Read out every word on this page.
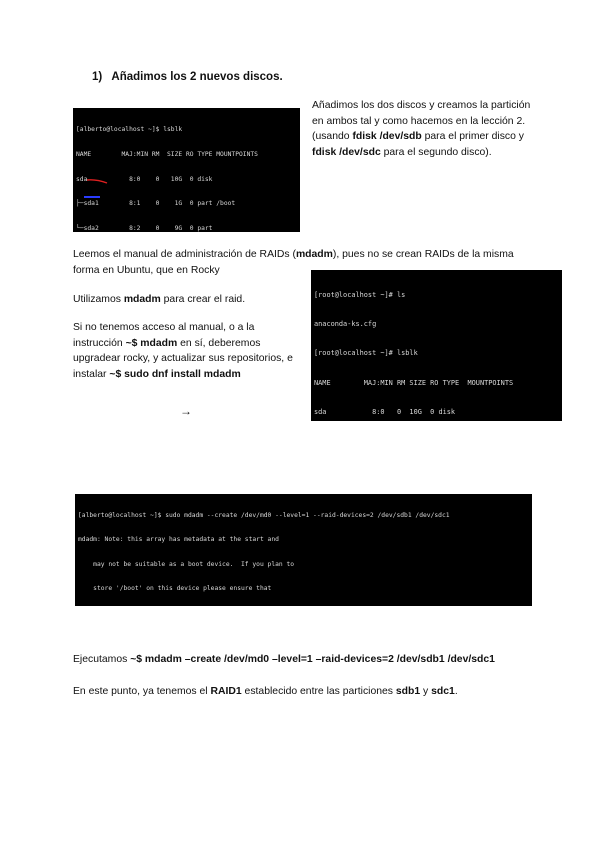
1) Añadimos los 2 nuevos discos.

[alberto@localhost ~]$ lsblk

NAME        MAJ:MIN RM  SIZE RO TYPE MOUNTPOINTS

sda           8:0    0   10G  0 disk

├─sda1        8:1    0    1G  0 part /boot

└─sda2        8:2    0    9G  0 part

Añadimos los dos discos y creamos la partición en ambos tal y como hacemos en la lección 2. (usando fdisk /dev/sdb para el primer disco y fdisk /dev/sdc para el segundo disco).
Leemos el manual de administración de RAIDs (mdadm), pues no se crean RAIDs de la misma forma en Ubuntu, que en Rocky
Utilizamos mdadm para crear el raid.
Si no tenemos acceso al manual, o a la instrucción ~$ mdadm en sí, deberemos upgradear rocky, y actualizar sus repositorios, e instalar ~$ sudo dnf install mdadm
→

[root@localhost ~]# ls

anaconda-ks.cfg

[root@localhost ~]# lsblk

NAME        MAJ:MIN RM SIZE RO TYPE  MOUNTPOINTS

sda           8:0   0  10G  0 disk

[alberto@localhost ~]$ sudo mdadm --create /dev/md0 --level=1 --raid-devices=2 /dev/sdb1 /dev/sdc1

mdadm: Note: this array has metadata at the start and

may not be suitable as a boot device.  If you plan to

store '/boot' on this device please ensure that

Ejecutamos ~$ mdadm –create /dev/md0 –level=1 –raid-devices=2 /dev/sdb1 /dev/sdc1
En este punto, ya tenemos el RAID1 establecido entre las particiones sdb1 y sdc1.
